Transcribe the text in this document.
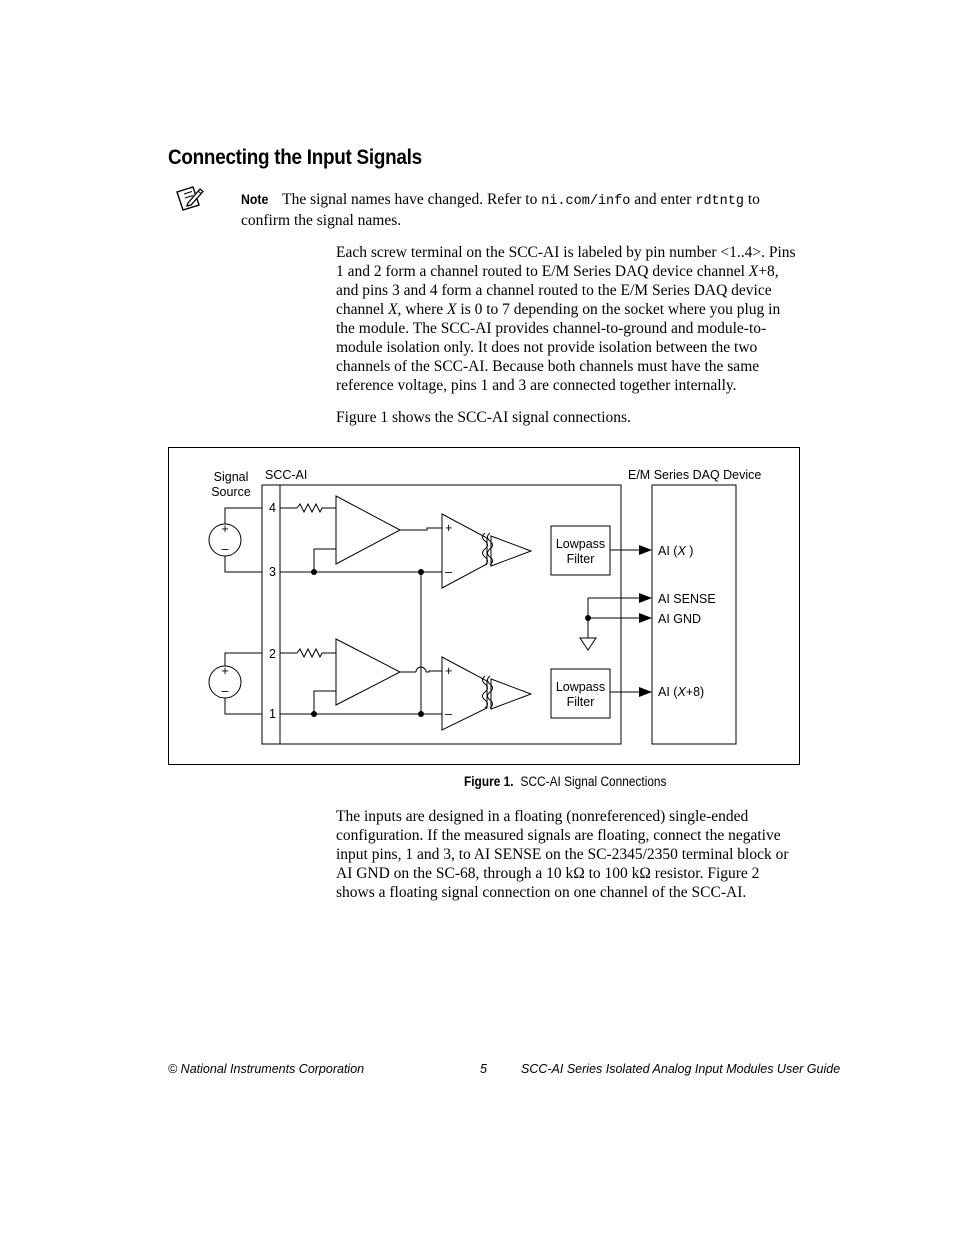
Connecting the Input Signals
Note The signal names have changed. Refer to ni.com/info and enter rdtntg to confirm the signal names.

Each screw terminal on the SCC-AI is labeled by pin number <1..4>. Pins 1 and 2 form a channel routed to E/M Series DAQ device channel X+8, and pins 3 and 4 form a channel routed to the E/M Series DAQ device channel X, where X is 0 to 7 depending on the socket where you plug in the module. The SCC-AI provides channel-to-ground and module-to-module isolation only. It does not provide isolation between the two channels of the SCC-AI. Because both channels must have the same reference voltage, pins 1 and 3 are connected together internally.

Figure 1 shows the SCC-AI signal connections.

Signal
Source
SCC-AI	E/M Series DAQ Device
4
3
2
1
+
–
+
–
+
–
+
–
Lowpass
Filter
Lowpass
Filter
AI (X )
AI SENSE
AI GND
AI (X+8)
Figure 1. SCC-AI Signal Connections

The inputs are designed in a floating (nonreferenced) single-ended configuration. If the measured signals are floating, connect the negative input pins, 1 and 3, to AI SENSE on the SC-2345/2350 terminal block or AI GND on the SC-68, through a 10 kΩ to 100 kΩ resistor. Figure 2 shows a floating signal connection on one channel of the SCC-AI.

© National Instruments Corporation	5	SCC-AI Series Isolated Analog Input Modules User Guide
